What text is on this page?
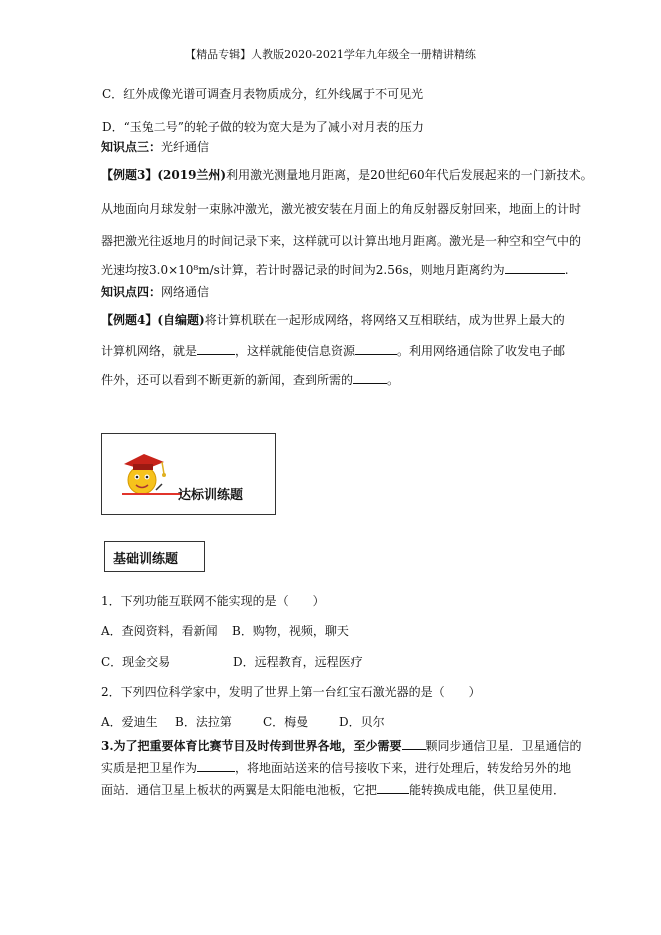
【精品专辑】人教版2020-2021学年九年级全一册精讲精练
C．红外成像光谱可调查月表物质成分，红外线属于不可见光
D．“玉兔二号”的轮子做的较为宽大是为了减小对月表的压力
知识点三：光纤通信
【例题3】(2019兰州)利用激光测量地月距离，是20世纪60年代后发展起来的一门新技术。
从地面向月球发射一束脉冲激光，激光被安装在月面上的角反射器反射回来，地面上的计时
器把激光往返地月的时间记录下来，这样就可以计算出地月距离。激光是一种空和空气中的
光速均按3.0×10⁸m/s计算，若计时器记录的时间为2.56s，则地月距离约为	.
知识点四：网络通信
【例题4】(自编题)将计算机联在一起形成网络，将网络又互相联结，成为世界上最大的
计算机网络，就是	，这样就能使信息资源	。利用网络通信除了收发电子邮
件外，还可以看到不断更新的新闻，查到所需的	。
达标训练题
基础训练题
1．下列功能互联网不能实现的是（　　）
A．查阅资料，看新闻 B．购物，视频，聊天
C．现金交易	D．远程教育，远程医疗
2．下列四位科学家中，发明了世界上第一台红宝石激光器的是（　　）
A．爱迪生 B．法拉第	C．梅曼	D．贝尔
3.为了把重要体育比赛节目及时传到世界各地，至少需要 颗同步通信卫星．卫星通信的
实质是把卫星作为	，将地面站送来的信号接收下来，进行处理后，转发给另外的地
面站．通信卫星上板状的两翼是太阳能电池板，它把	能转换成电能，供卫星使用．
